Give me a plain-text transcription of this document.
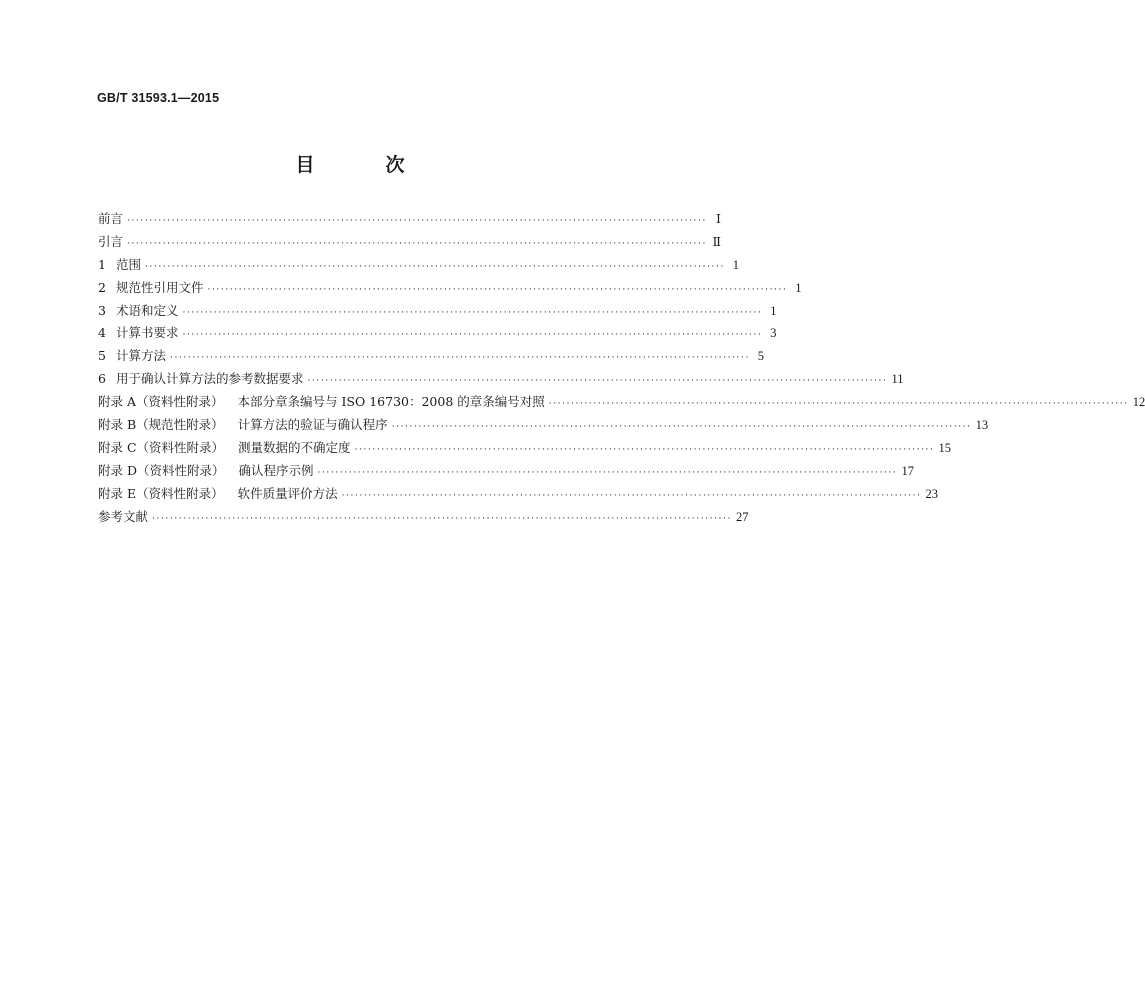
GB/T 31593.1—2015
目　次
前言 ·································································································································· Ⅰ
引言 ·································································································································· Ⅱ
1 范围 ·································································································································· 1
2 规范性引用文件 ·································································································································· 1
3 术语和定义 ·································································································································· 1
4 计算书要求 ·································································································································· 3
5 计算方法 ·································································································································· 5
6 用于确认计算方法的参考数据要求 ·································································································································· 11
附录 A（资料性附录） 本部分章条编号与 ISO 16730：2008 的章条编号对照 ·································································································································· 12
附录 B（规范性附录） 计算方法的验证与确认程序 ·································································································································· 13
附录 C（资料性附录） 测量数据的不确定度 ·································································································································· 15
附录 D（资料性附录） 确认程序示例 ·································································································································· 17
附录 E（资料性附录） 软件质量评价方法 ·································································································································· 23
参考文献 ·································································································································· 27
